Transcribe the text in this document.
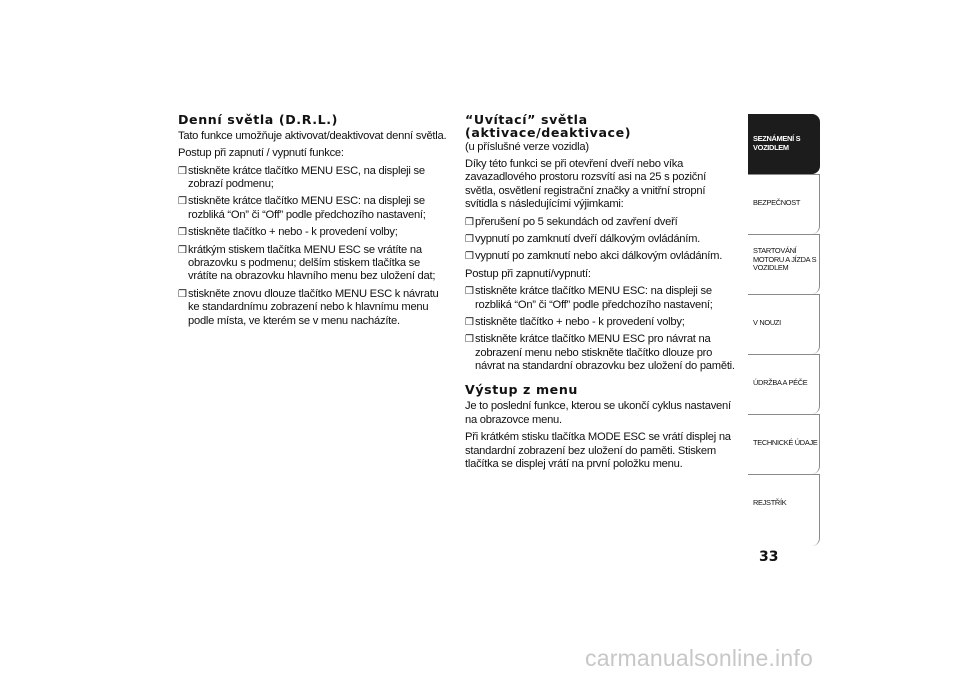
Denní světla (D.R.L.)
Tato funkce umožňuje aktivovat/deaktivovat denní světla.
Postup při zapnutí / vypnutí funkce:
❒ stiskněte krátce tlačítko MENU ESC, na displeji se zobrazí podmenu;
❒ stiskněte krátce tlačítko MENU ESC: na displeji se rozbliká “On” či “Off” podle předchozího nastavení;
❒ stiskněte tlačítko + nebo - k provedení volby;
❒ krátkým stiskem tlačítka MENU ESC se vrátíte na obrazovku s podmenu; delším stiskem tlačítka se vrátíte na obrazovku hlavního menu bez uložení dat;
❒ stiskněte znovu dlouze tlačítko MENU ESC k návratu ke standardnímu zobrazení nebo k hlavnímu menu podle místa, ve kterém se v menu nacházíte.
“Uvítací” světla
(aktivace/deaktivace)
(u příslušné verze vozidla)
Díky této funkci se při otevření dveří nebo víka zavazadlového prostoru rozsvítí asi na 25 s poziční světla, osvětlení registrační značky a vnitřní stropní svítidla s následujícími výjimkami:
❒ přerušení po 5 sekundách od zavření dveří
❒ vypnutí po zamknutí dveří dálkovým ovládáním.
❒ vypnutí po zamknutí nebo akci dálkovým ovládáním.
Postup při zapnutí/vypnutí:
❒ stiskněte krátce tlačítko MENU ESC: na displeji se rozbliká “On” či “Off” podle předchozího nastavení;
❒ stiskněte tlačítko + nebo - k provedení volby;
❒ stiskněte krátce tlačítko MENU ESC pro návrat na zobrazení menu nebo stiskněte tlačítko dlouze pro návrat na standardní obrazovku bez uložení do paměti.
Výstup z menu
Je to poslední funkce, kterou se ukončí cyklus nastavení na obrazovce menu.
Při krátkém stisku tlačítka MODE ESC se vrátí displej na standardní zobrazení bez uložení do paměti. Stiskem tlačítka se displej vrátí na první položku menu.
SEZNÁMENÍ S VOZIDLEM
BEZPEČNOST
STARTOVÁNÍ MOTORU A JÍZDA S VOZIDLEM
V NOUZI
ÚDRŽBA A PÉČE
TECHNICKÉ ÚDAJE
REJSTŘÍK
33
carmanualsonline.info
